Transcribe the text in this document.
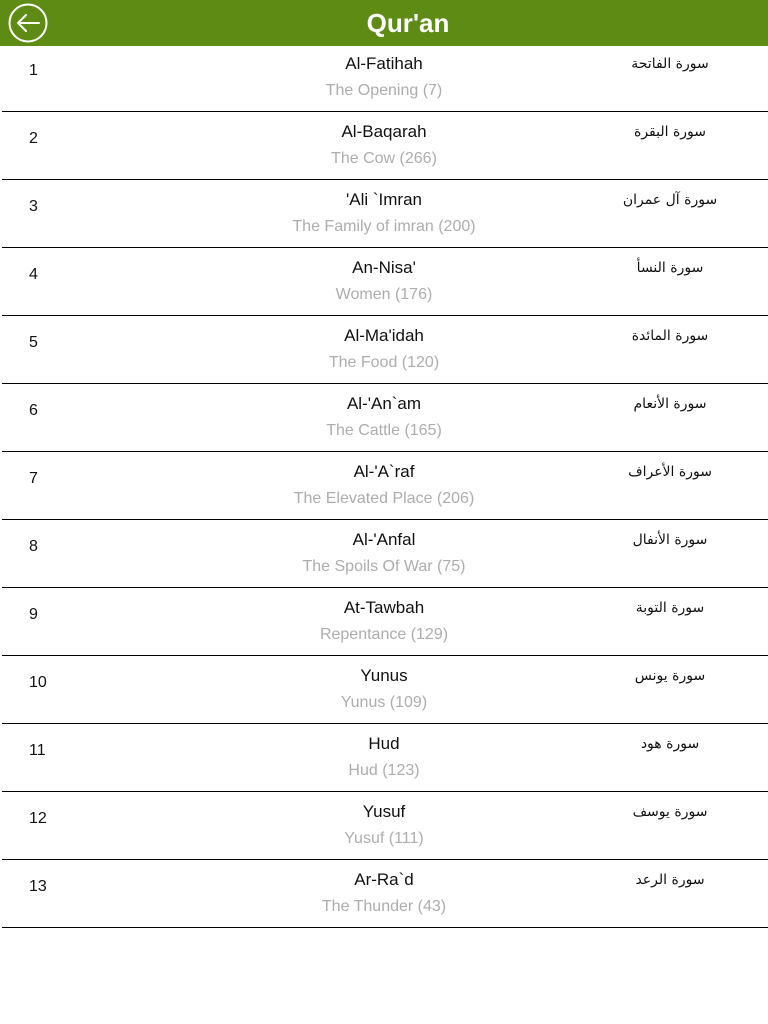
Qur'an
1	Al-Fatihah
The Opening (7)
سورة الفاتحة
2	Al-Baqarah
The Cow (266)
سورة البقرة
3	'Ali `Imran
The Family of imran (200)
سورة آل عمران
4	An-Nisa'
Women (176)
سورة النسأ
5	Al-Ma'idah
The Food (120)
سورة المائدة
6	Al-'An`am
The Cattle (165)
سورة الأنعام
7	Al-'A`raf
The Elevated Place (206)
سورة الأعراف
8	Al-'Anfal
The Spoils Of War (75)
سورة الأنفال
9	At-Tawbah
Repentance (129)
سورة التوبة
10	Yunus
Yunus (109)
سورة يونس
11	Hud
Hud (123)
سورة هود
12	Yusuf
Yusuf (111)
سورة يوسف
13	Ar-Ra`d
The Thunder (43)
سورة الرعد
